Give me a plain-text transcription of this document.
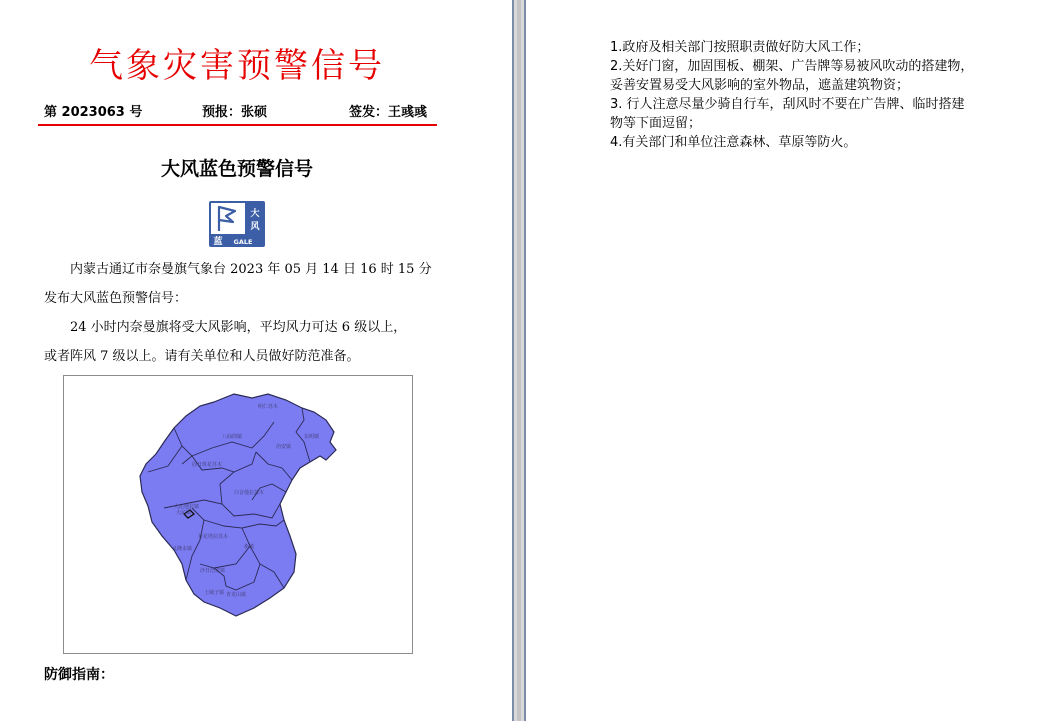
气象灾害预警信号
第 2023063 号	预报：张硕	签发：王彧彧
大风蓝色预警信号
大
风
蓝 GALE
内蒙古通辽市奈曼旗气象台 2023 年 05 月 14 日 16 时 15 分
发布大风蓝色预警信号：
24 小时内奈曼旗将受大风影响，平均风力可达 6 级以上，
或者阵风 7 级以上。请有关单位和人员做好防范准备。
明仁苏木
八仙筒镇	东明镇
治安镇
固日班花苏木
白音他拉苏木
大沁他拉镇
大沁镇
黄花塔拉苏木
义隆永镇	新镇
沙日浩来镇
土城子镇 青龙山镇
防御指南：
1.政府及相关部门按照职责做好防大风工作；
2.关好门窗，加固围板、棚架、广告牌等易被风吹动的搭建物，
妥善安置易受大风影响的室外物品，遮盖建筑物资；
3. 行人注意尽量少骑自行车，刮风时不要在广告牌、临时搭建
物等下面逗留；
4.有关部门和单位注意森林、草原等防火。
